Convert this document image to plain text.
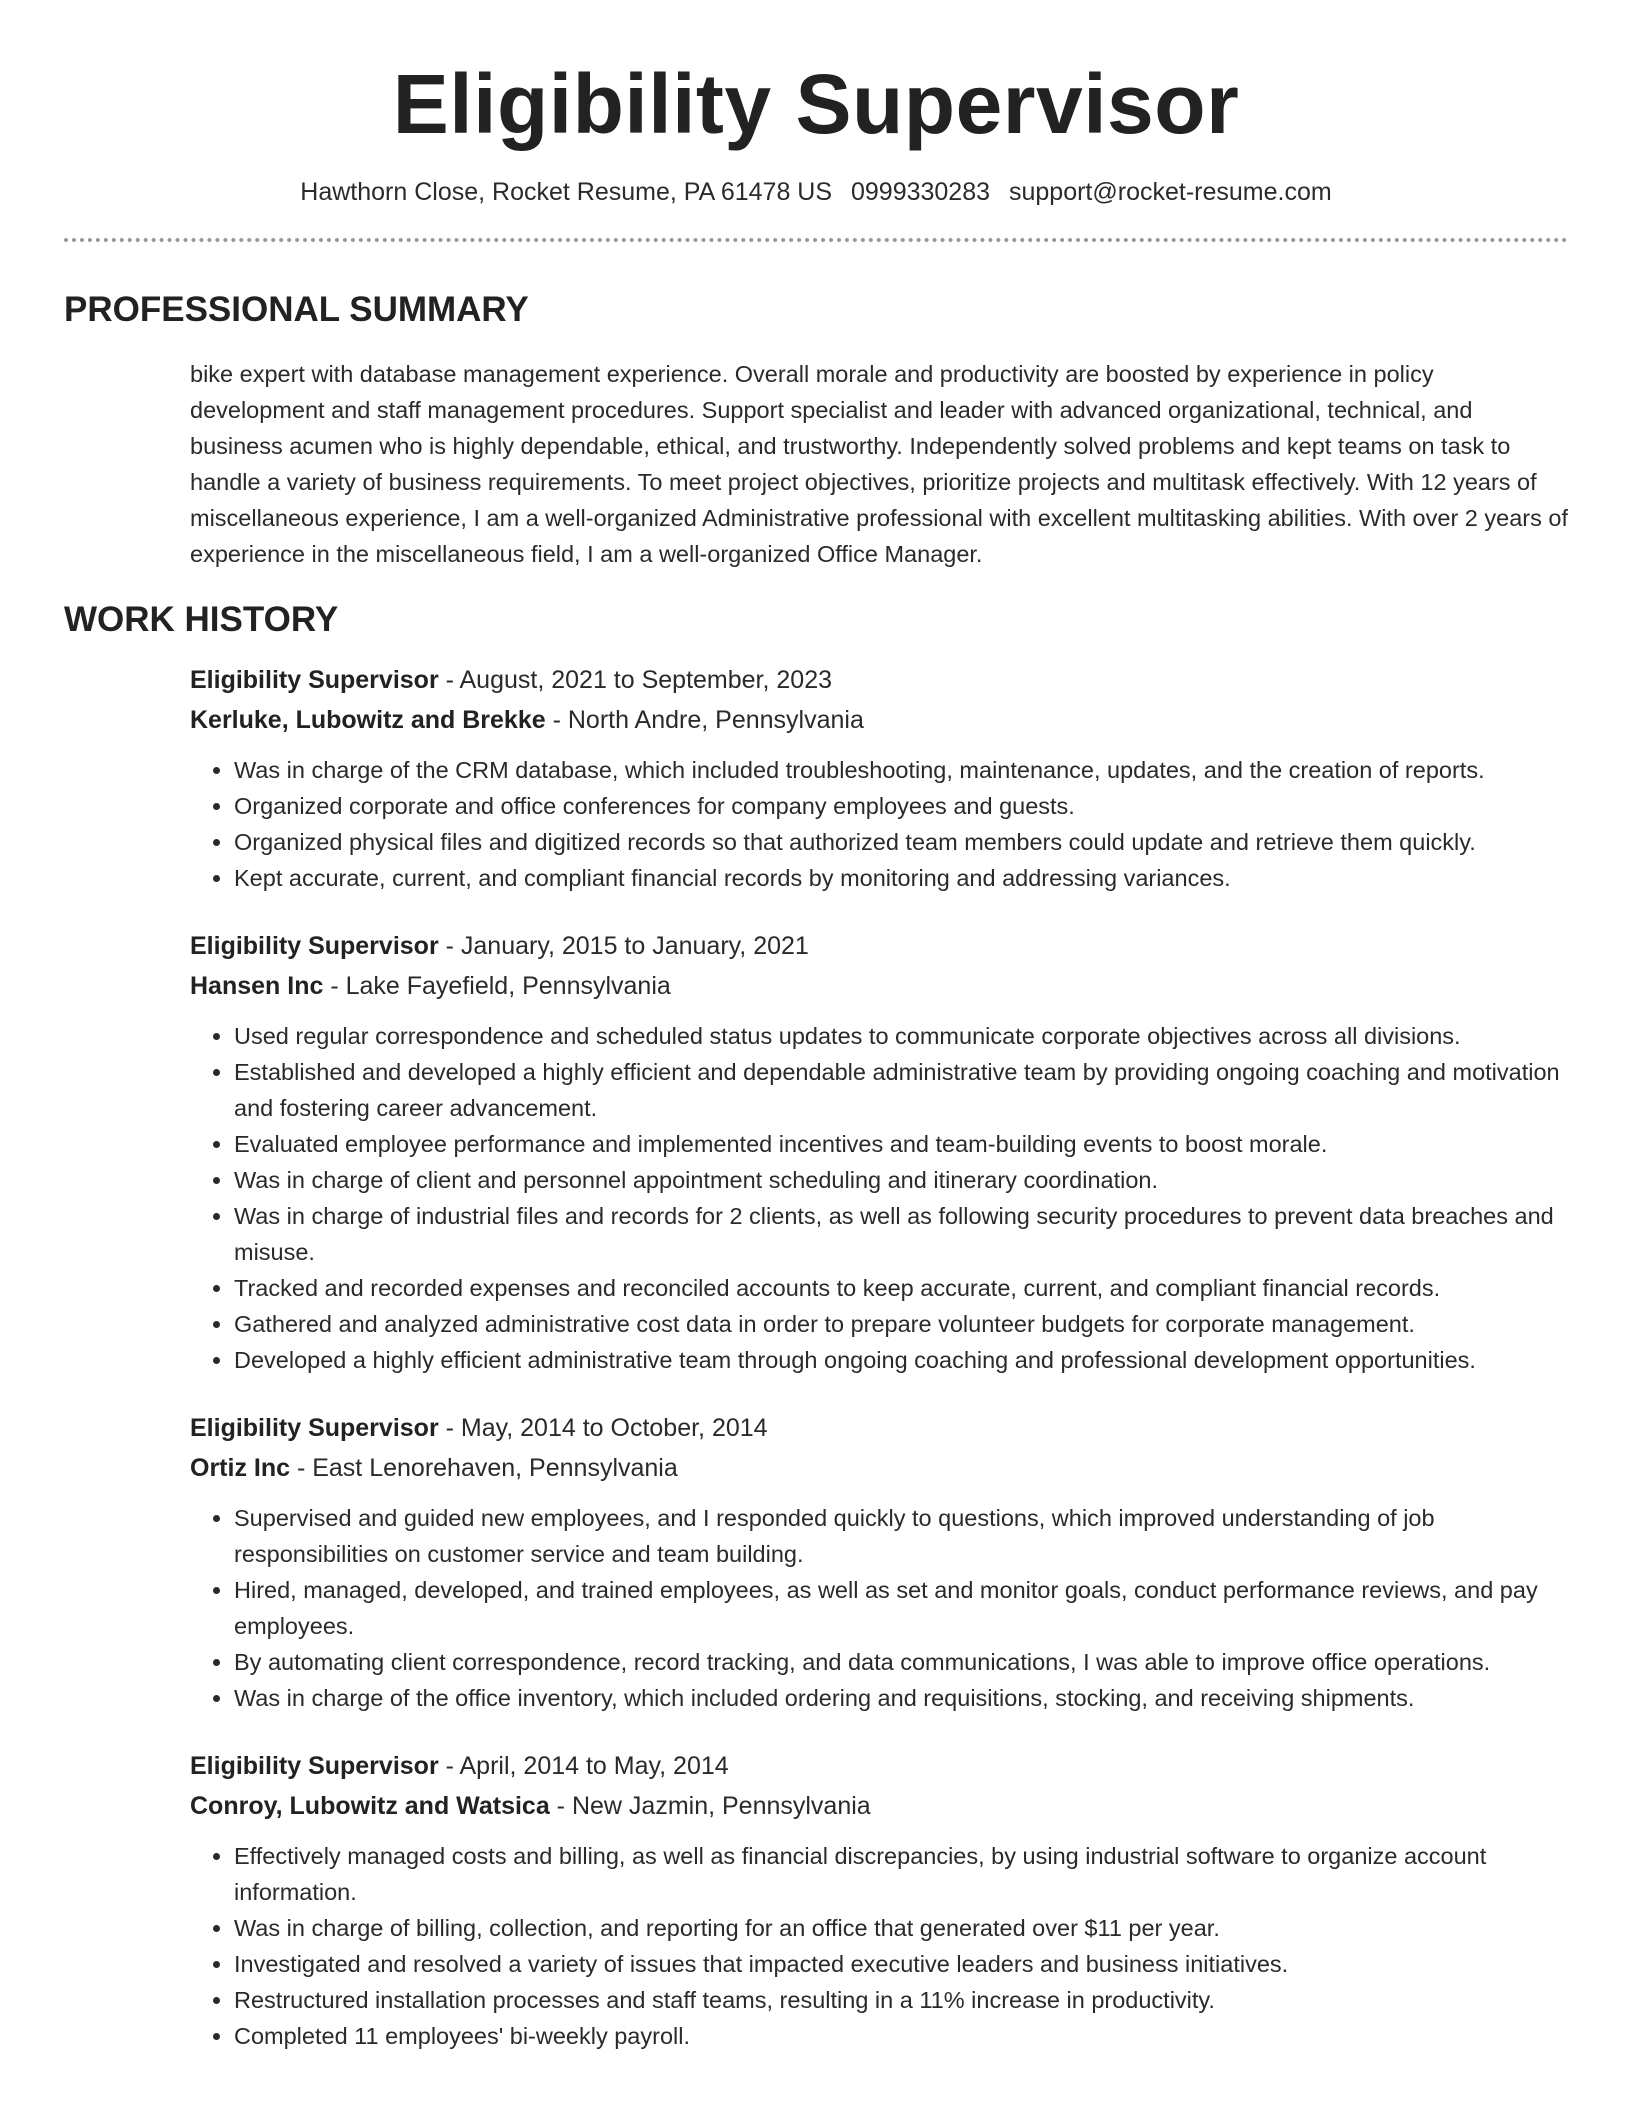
Eligibility Supervisor
Hawthorn Close, Rocket Resume, PA 61478 US 0999330283 support@rocket-resume.com
PROFESSIONAL SUMMARY

bike expert with database management experience. Overall morale and productivity are boosted by experience in policy development and staff management procedures. Support specialist and leader with advanced organizational, technical, and business acumen who is highly dependable, ethical, and trustworthy. Independently solved problems and kept teams on task to handle a variety of business requirements. To meet project objectives, prioritize projects and multitask effectively. With 12 years of miscellaneous experience, I am a well-organized Administrative professional with excellent multitasking abilities. With over 2 years of experience in the miscellaneous field, I am a well-organized Office Manager.

WORK HISTORY
Eligibility Supervisor - August, 2021 to September, 2023
Kerluke, Lubowitz and Brekke - North Andre, Pennsylvania
• Was in charge of the CRM database, which included troubleshooting, maintenance, updates, and the creation of reports.
• Organized corporate and office conferences for company employees and guests.
• Organized physical files and digitized records so that authorized team members could update and retrieve them quickly.
• Kept accurate, current, and compliant financial records by monitoring and addressing variances.
Eligibility Supervisor - January, 2015 to January, 2021
Hansen Inc - Lake Fayefield, Pennsylvania
• Used regular correspondence and scheduled status updates to communicate corporate objectives across all divisions.
• Established and developed a highly efficient and dependable administrative team by providing ongoing coaching and motivation and fostering career advancement.
• Evaluated employee performance and implemented incentives and team-building events to boost morale.
• Was in charge of client and personnel appointment scheduling and itinerary coordination.
• Was in charge of industrial files and records for 2 clients, as well as following security procedures to prevent data breaches and misuse.
• Tracked and recorded expenses and reconciled accounts to keep accurate, current, and compliant financial records.
• Gathered and analyzed administrative cost data in order to prepare volunteer budgets for corporate management.
• Developed a highly efficient administrative team through ongoing coaching and professional development opportunities.
Eligibility Supervisor - May, 2014 to October, 2014
Ortiz Inc - East Lenorehaven, Pennsylvania
• Supervised and guided new employees, and I responded quickly to questions, which improved understanding of job responsibilities on customer service and team building.
• Hired, managed, developed, and trained employees, as well as set and monitor goals, conduct performance reviews, and pay employees.
• By automating client correspondence, record tracking, and data communications, I was able to improve office operations.
• Was in charge of the office inventory, which included ordering and requisitions, stocking, and receiving shipments.
Eligibility Supervisor - April, 2014 to May, 2014
Conroy, Lubowitz and Watsica - New Jazmin, Pennsylvania
• Effectively managed costs and billing, as well as financial discrepancies, by using industrial software to organize account information.
• Was in charge of billing, collection, and reporting for an office that generated over $11 per year.
• Investigated and resolved a variety of issues that impacted executive leaders and business initiatives.
• Restructured installation processes and staff teams, resulting in a 11% increase in productivity.
• Completed 11 employees' bi-weekly payroll.
